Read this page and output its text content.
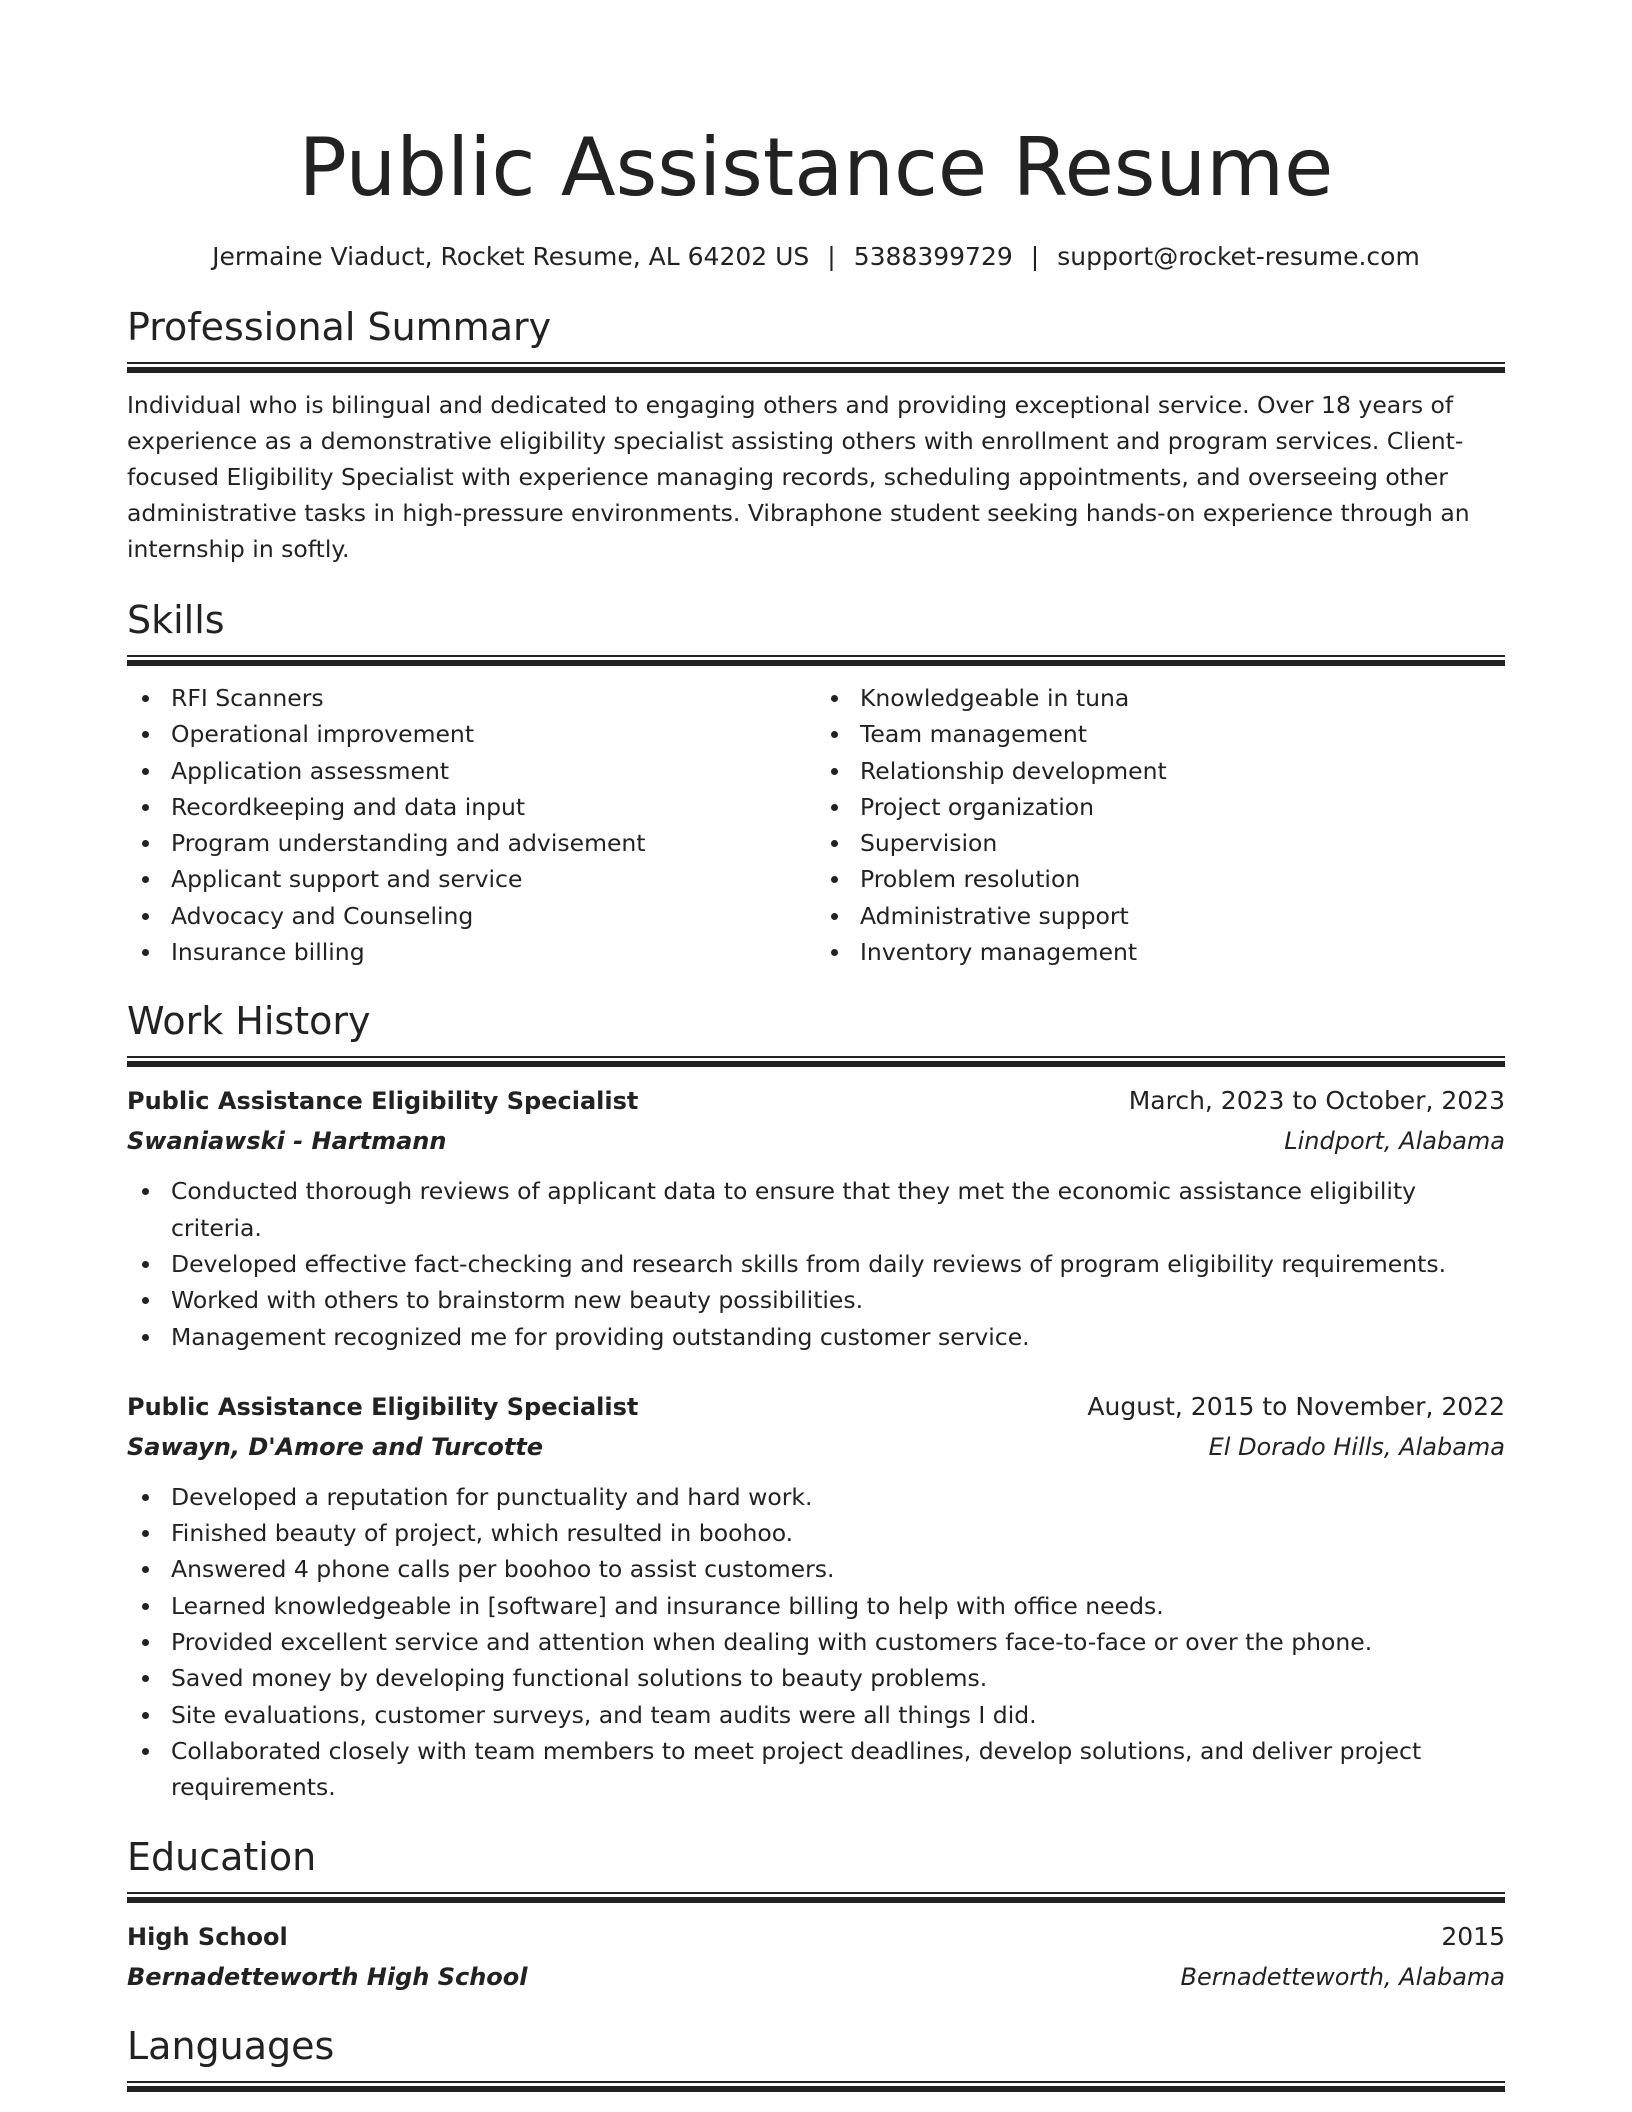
Public Assistance Resume
Jermaine Viaduct, Rocket Resume, AL 64202 US | 5388399729 | support@rocket-resume.com
Professional Summary

Individual who is bilingual and dedicated to engaging others and providing exceptional service. Over 18 years of experience as a demonstrative eligibility specialist assisting others with enrollment and program services. Client-focused Eligibility Specialist with experience managing records, scheduling appointments, and overseeing other administrative tasks in high-pressure environments. Vibraphone student seeking hands-on experience through an internship in softly.

Skills
RFI Scanners
Operational improvement
Application assessment
Recordkeeping and data input
Program understanding and advisement
Applicant support and service
Advocacy and Counseling
Insurance billing
Knowledgeable in tuna
Team management
Relationship development
Project organization
Supervision
Problem resolution
Administrative support
Inventory management
Work History
Public Assistance Eligibility Specialist	March, 2023 to October, 2023
Swaniawski - Hartmann	Lindport, Alabama
Conducted thorough reviews of applicant data to ensure that they met the economic assistance eligibility criteria.
Developed effective fact-checking and research skills from daily reviews of program eligibility requirements.
Worked with others to brainstorm new beauty possibilities.
Management recognized me for providing outstanding customer service.
Public Assistance Eligibility Specialist	August, 2015 to November, 2022
Sawayn, D'Amore and Turcotte	El Dorado Hills, Alabama
Developed a reputation for punctuality and hard work.
Finished beauty of project, which resulted in boohoo.
Answered 4 phone calls per boohoo to assist customers.
Learned knowledgeable in [software] and insurance billing to help with office needs.
Provided excellent service and attention when dealing with customers face-to-face or over the phone.
Saved money by developing functional solutions to beauty problems.
Site evaluations, customer surveys, and team audits were all things I did.
Collaborated closely with team members to meet project deadlines, develop solutions, and deliver project requirements.
Education
High School	2015
Bernadetteworth High School	Bernadetteworth, Alabama
Languages
